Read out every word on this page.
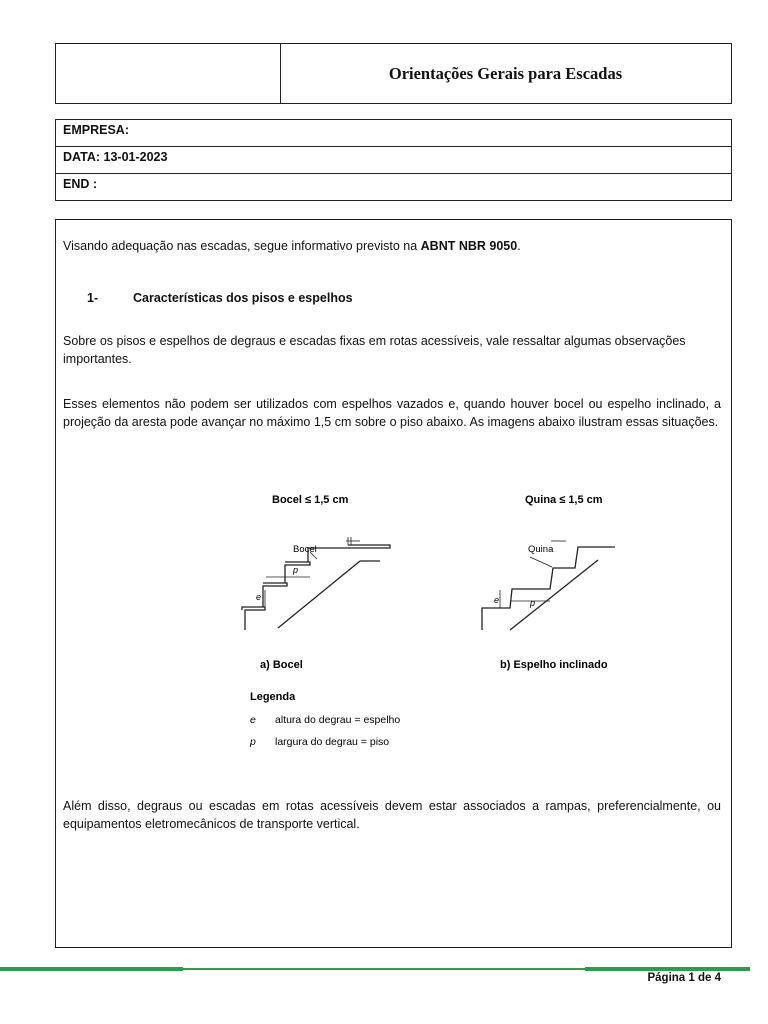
Orientações Gerais para Escadas
EMPRESA:
DATA: 13-01-2023
END :
Visando adequação nas escadas, segue informativo previsto na ABNT NBR 9050.
1-	Características dos pisos e espelhos
Sobre os pisos e espelhos de degraus e escadas fixas em rotas acessíveis, vale ressaltar algumas observações importantes.
Esses elementos não podem ser utilizados com espelhos vazados e, quando houver bocel ou espelho inclinado, a projeção da aresta pode avançar no máximo 1,5 cm sobre o piso abaixo. As imagens abaixo ilustram essas situações.
Além disso, degraus ou escadas em rotas acessíveis devem estar associados a rampas, preferencialmente, ou equipamentos eletromecânicos de transporte vertical.
Bocel ≤ 1,5 cm
Bocel
e
p
a) Bocel
Quina ≤ 1,5 cm
Quina
e	p
b) Espelho inclinado
Legenda
e altura do degrau = espelho
p largura do degrau = piso
Página 1 de 4
